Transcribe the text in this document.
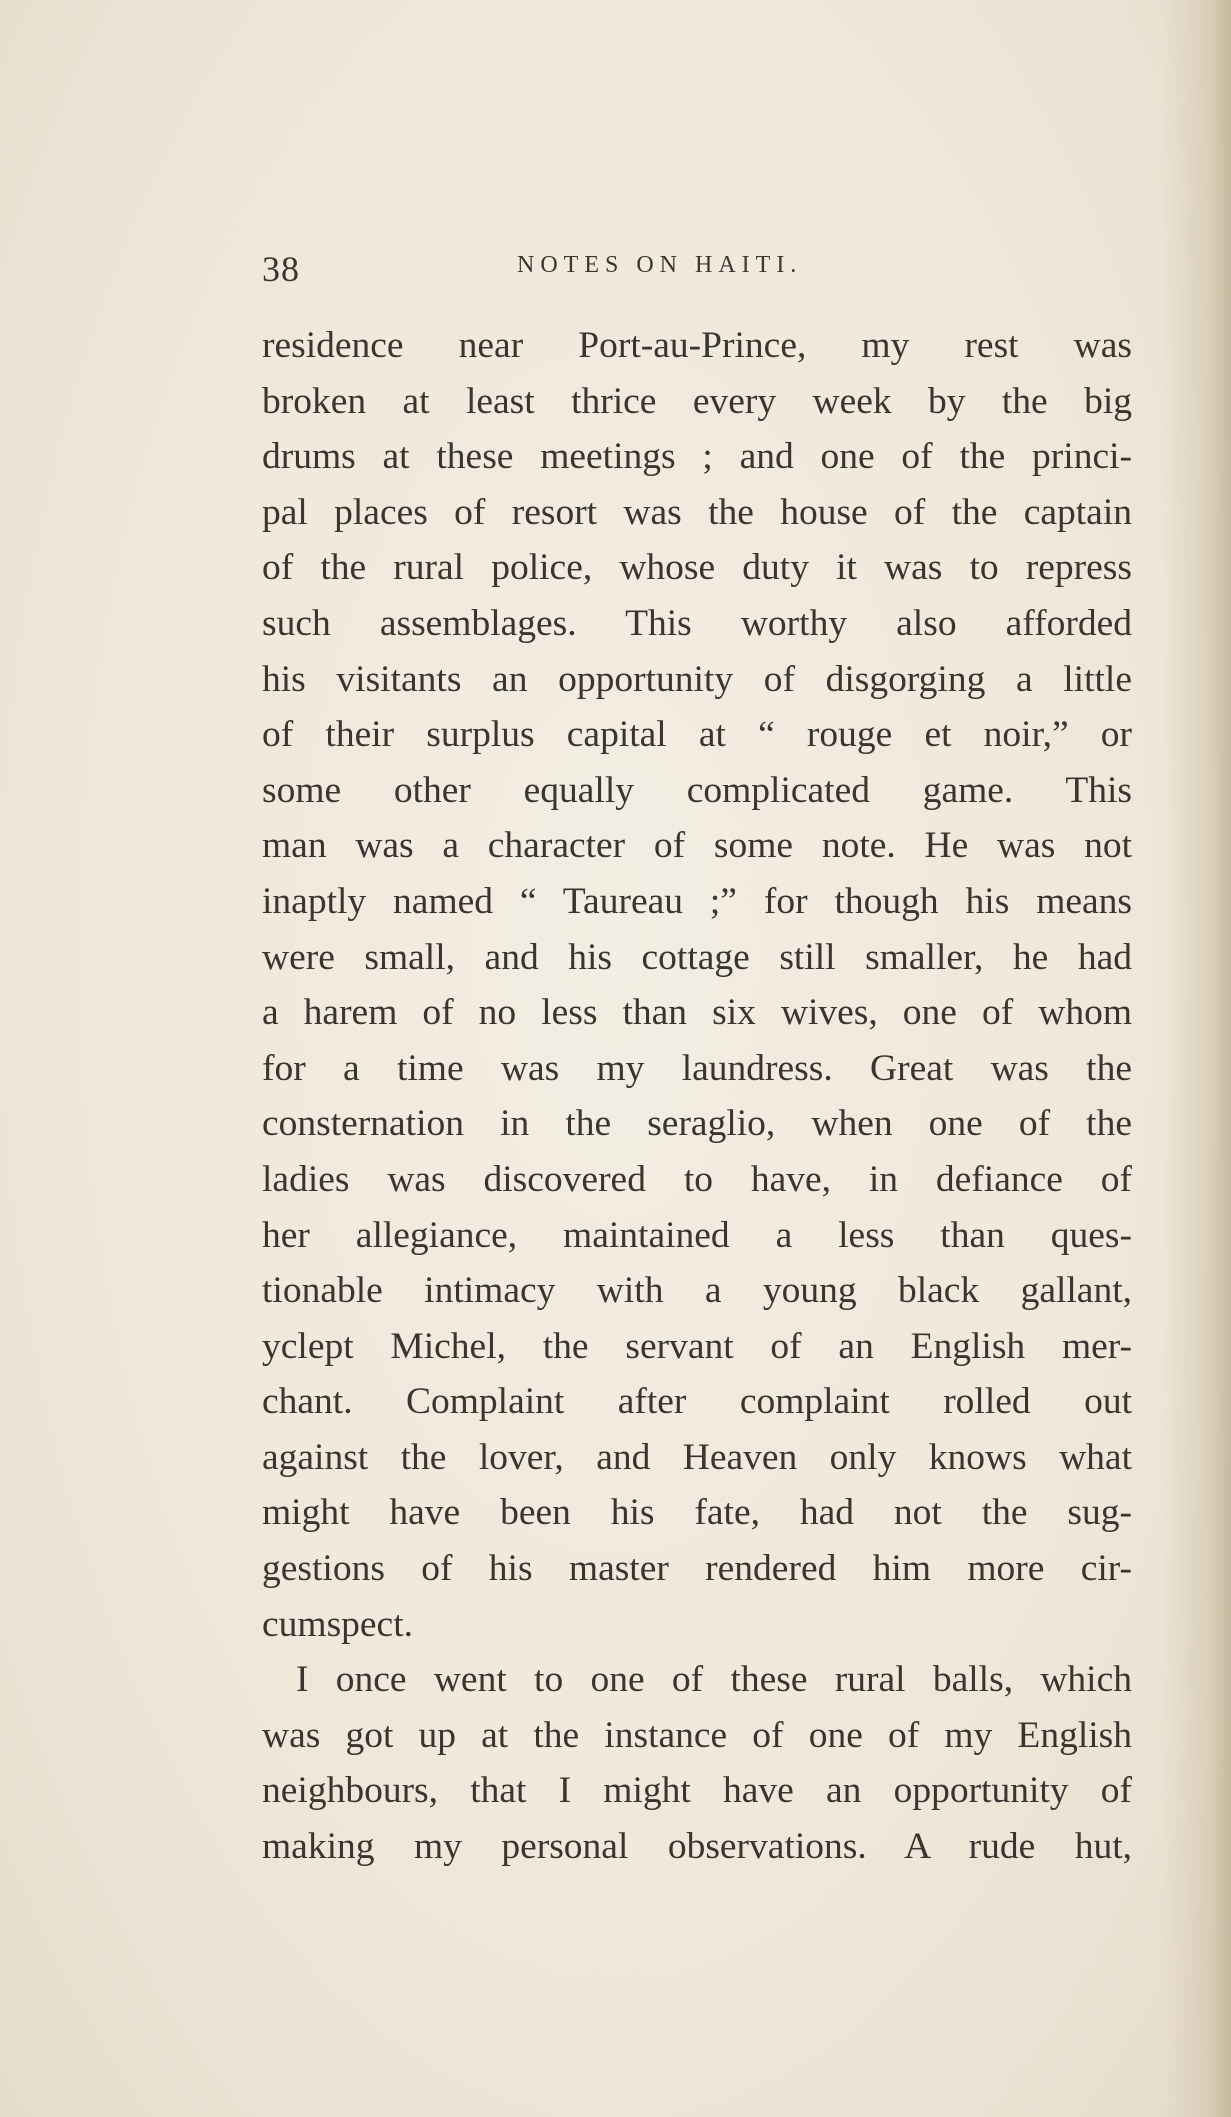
38	NOTES ON HAITI.
residence near Port-au-Prince, my rest was
broken at least thrice every week by the big
drums at these meetings ; and one of the princi-
pal places of resort was the house of the captain
of the rural police, whose duty it was to repress
such assemblages. This worthy also afforded
his visitants an opportunity of disgorging a little
of their surplus capital at “ rouge et noir,” or
some other equally complicated game. This
man was a character of some note. He was not
inaptly named “ Taureau ;” for though his means
were small, and his cottage still smaller, he had
a harem of no less than six wives, one of whom
for a time was my laundress. Great was the
consternation in the seraglio, when one of the
ladies was discovered to have, in defiance of
her allegiance, maintained a less than ques-
tionable intimacy with a young black gallant,
yclept Michel, the servant of an English mer-
chant. Complaint after complaint rolled out
against the lover, and Heaven only knows what
might have been his fate, had not the sug-
gestions of his master rendered him more cir-
cumspect.
I once went to one of these rural balls, which
was got up at the instance of one of my English
neighbours, that I might have an opportunity of
making my personal observations. A rude hut,
